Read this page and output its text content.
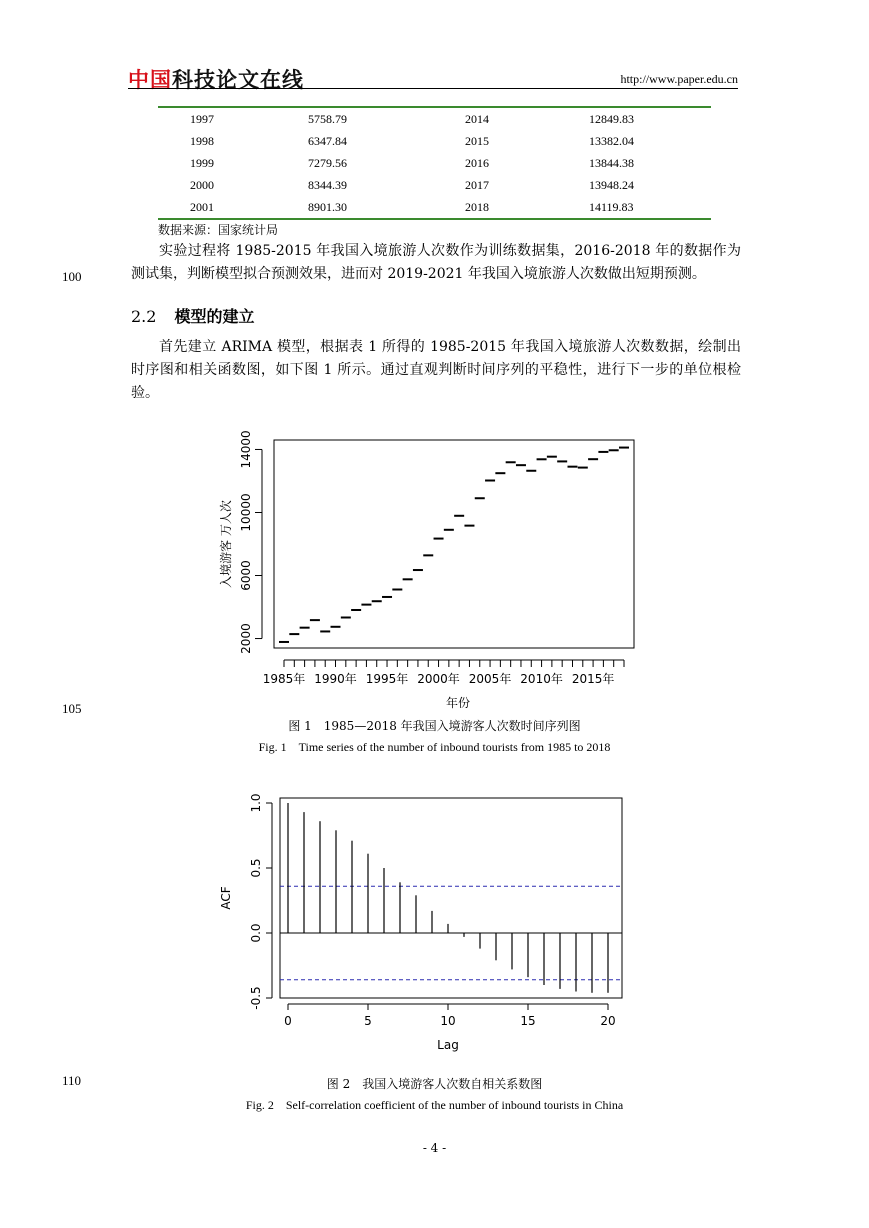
中国科技论文在线	http://www.paper.edu.cn
1997	5758.79	2014	12849.83
1998	6347.84	2015	13382.04
1999	7279.56	2016	13844.38
2000	8344.39	2017	13948.24
2001	8901.30	2018	14119.83
数据来源：国家统计局
实验过程将 1985-2015 年我国入境旅游人次数作为训练数据集，2016-2018 年的数据作为测试集，判断模型拟合预测效果，进而对 2019-2021 年我国入境旅游人次数做出短期预测。
100
2.2 模型的建立
首先建立 ARIMA 模型，根据表 1 所得的 1985-2015 年我国入境旅游人次数数据，绘制出时序图和相关函数图，如下图 1 所示。通过直观判断时间序列的平稳性，进行下一步的单位根检验。
1985年 1990年 1995年 2000年 2005年 2010年 2015年
年份
2000
6000
10000
14000
入境游客 万人次
105
图 1　1985—2018 年我国入境游客人次数时间序列图
Fig. 1　Time series of the number of inbound tourists from 1985 to 2018
0	5	10	15	20
Lag
-0.5
0.0
0.5
1.0
ACF
110	图 2　我国入境游客人次数自相关系数图
Fig. 2　Self-correlation coefficient of the number of inbound tourists in China
- 4 -
